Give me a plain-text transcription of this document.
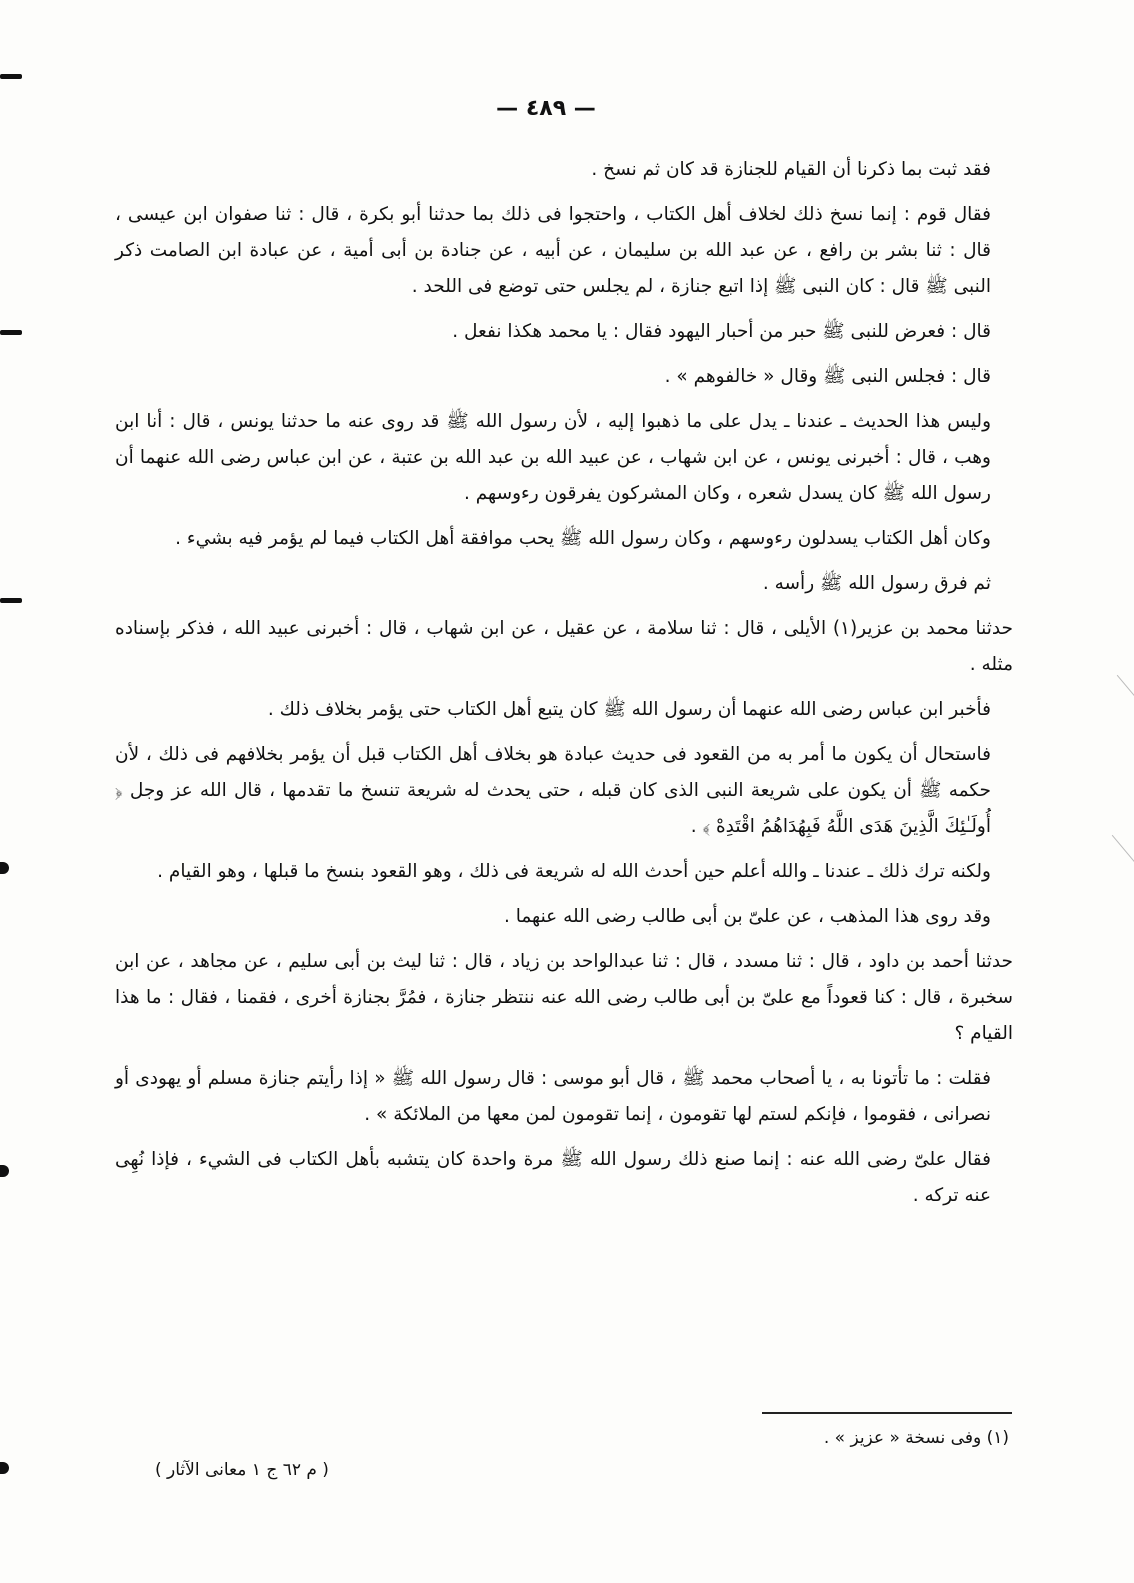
— ٤٨٩ —

فقد ثبت بما ذكرنا أن القيام للجنازة قد كان ثم نسخ .

فقال قوم : إنما نسخ ذلك لخلاف أهل الكتاب ، واحتجوا فى ذلك بما حدثنا أبو بكرة ، قال : ثنا صفوان ابن عيسى ، قال : ثنا بشر بن رافع ، عن عبد الله بن سليمان ، عن أبيه ، عن جنادة بن أبى أمية ، عن عبادة ابن الصامت ذكر النبى ﷺ قال : كان النبى ﷺ إذا اتبع جنازة ، لم يجلس حتى توضع فى اللحد .

قال : فعرض للنبى ﷺ حبر من أحبار اليهود فقال : يا محمد هكذا نفعل .

قال : فجلس النبى ﷺ وقال « خالفوهم » .

وليس هذا الحديث ـ عندنا ـ يدل على ما ذهبوا إليه ، لأن رسول الله ﷺ قد روى عنه ما حدثنا يونس ، قال : أنا ابن وهب ، قال : أخبرنى يونس ، عن ابن شهاب ، عن عبيد الله بن عبد الله بن عتبة ، عن ابن عباس رضى الله عنهما أن رسول الله ﷺ كان يسدل شعره ، وكان المشركون يفرقون رءوسهم .

وكان أهل الكتاب يسدلون رءوسهم ، وكان رسول الله ﷺ يحب موافقة أهل الكتاب فيما لم يؤمر فيه بشيء .

ثم فرق رسول الله ﷺ رأسه .

حدثنا محمد بن عزير(١) الأيلى ، قال : ثنا سلامة ، عن عقيل ، عن ابن شهاب ، قال : أخبرنى عبيد الله ، فذكر بإسناده مثله .

فأخبر ابن عباس رضى الله عنهما أن رسول الله ﷺ كان يتبع أهل الكتاب حتى يؤمر بخلاف ذلك .

فاستحال أن يكون ما أمر به من القعود فى حديث عبادة هو بخلاف أهل الكتاب قبل أن يؤمر بخلافهم فى ذلك ، لأن حكمه ﷺ أن يكون على شريعة النبى الذى كان قبله ، حتى يحدث له شريعة تنسخ ما تقدمها ، قال الله عز وجل ﴿ أُولَـٰئِكَ الَّذِينَ هَدَى اللَّهُ فَبِهُدَاهُمُ اقْتَدِهْ ﴾ .

ولكنه ترك ذلك ـ عندنا ـ والله أعلم حين أحدث الله له شريعة فى ذلك ، وهو القعود بنسخ ما قبلها ، وهو القيام .

وقد روى هذا المذهب ، عن علىّ بن أبى طالب رضى الله عنهما .

حدثنا أحمد بن داود ، قال : ثنا مسدد ، قال : ثنا عبدالواحد بن زياد ، قال : ثنا ليث بن أبى سليم ، عن مجاهد ، عن ابن سخبرة ، قال : كنا قعوداً مع علىّ بن أبى طالب رضى الله عنه ننتظر جنازة ، فمُرَّ بجنازة أخرى ، فقمنا ، فقال : ما هذا القيام ؟

فقلت : ما تأتونا به ، يا أصحاب محمد ﷺ ، قال أبو موسى : قال رسول الله ﷺ « إذا رأيتم جنازة مسلم أو يهودى أو نصرانى ، فقوموا ، فإنكم لستم لها تقومون ، إنما تقومون لمن معها من الملائكة » .

فقال علىّ رضى الله عنه : إنما صنع ذلك رسول الله ﷺ مرة واحدة كان يتشبه بأهل الكتاب فى الشيء ، فإذا نُهِى عنه تركه .

(١) وفى نسخة « عزيز » .
( م ٦٢ ج ١ معانى الآثار )
